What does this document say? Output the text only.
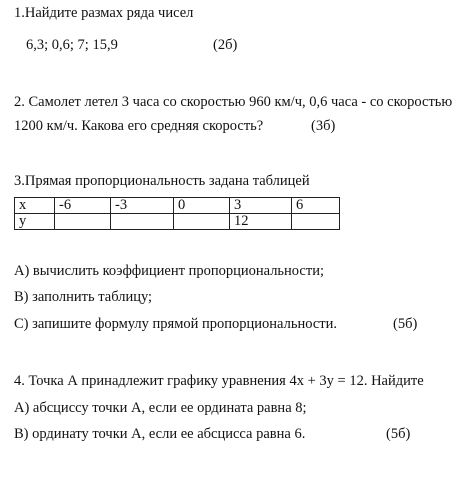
1.Найдите размах ряда чисел
6,3; 0,6; 7; 15,9	(2б)
2. Самолет летел 3 часа со скоростью 960 км/ч, 0,6 часа - со скоростью
1200 км/ч. Какова его средняя скорость?	(3б)
3.Прямая пропорциональность задана таблицей
x	-6	-3	0	3	6
y				12	
А) вычислить коэффициент пропорциональности;
В) заполнить таблицу;
С) запишите формулу прямой пропорциональности.	(5б)
4. Точка А принадлежит графику уравнения 4х + 3у = 12. Найдите
А) абсциссу точки А, если ее ордината равна 8;
В) ординату точки А, если ее абсцисса равна 6.	(5б)
